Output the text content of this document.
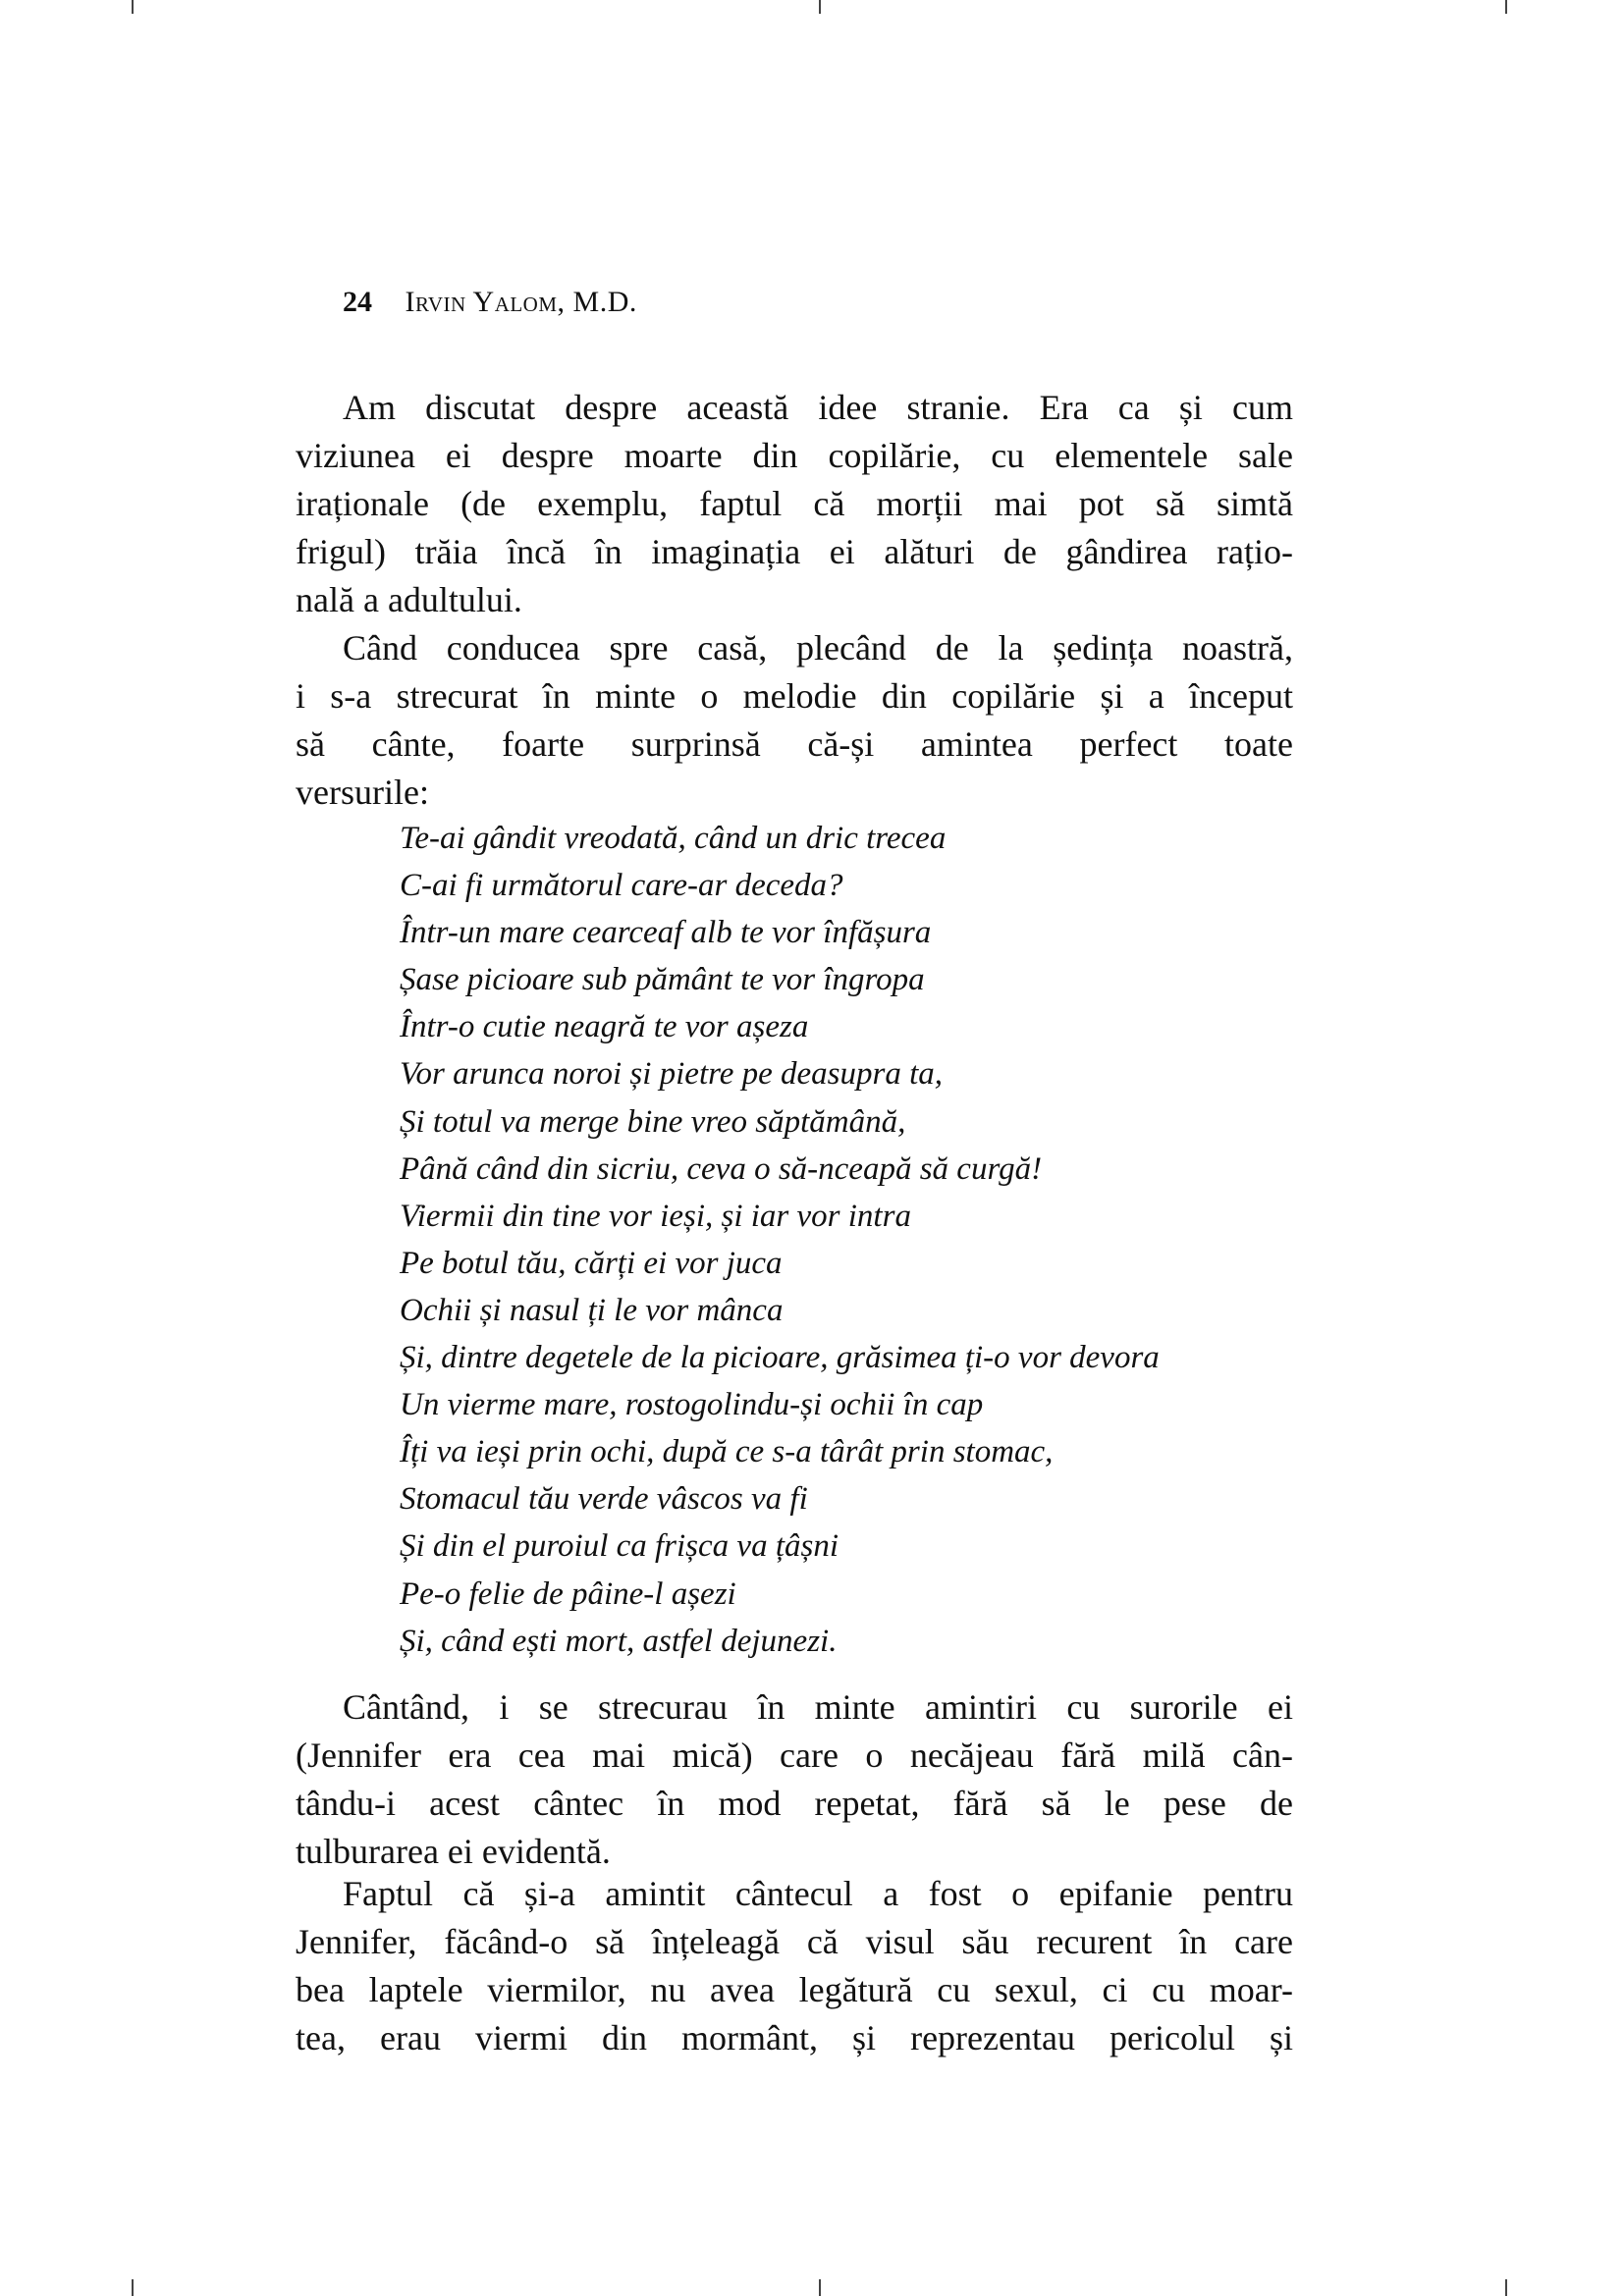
24 Irvin Yalom, M.D.
Am discutat despre această idee stranie. Era ca și cum
viziunea ei despre moarte din copilărie, cu elementele sale
iraționale (de exemplu, faptul că morții mai pot să simtă
frigul) trăia încă în imaginația ei alături de gândirea rațio-
nală a adultului.
Când conducea spre casă, plecând de la ședința noastră,
i s-a strecurat în minte o melodie din copilărie și a început
să cânte, foarte surprinsă că-și amintea perfect toate
versurile:
Te-ai gândit vreodată, când un dric trecea
C-ai fi următorul care-ar deceda?
Într-un mare cearceaf alb te vor înfășura
Șase picioare sub pământ te vor îngropa
Într-o cutie neagră te vor așeza
Vor arunca noroi și pietre pe deasupra ta,
Și totul va merge bine vreo săptămână,
Până când din sicriu, ceva o să-nceapă să curgă!
Viermii din tine vor ieși, și iar vor intra
Pe botul tău, cărți ei vor juca
Ochii și nasul ți le vor mânca
Și, dintre degetele de la picioare, grăsimea ți-o vor devora
Un vierme mare, rostogolindu-și ochii în cap
Îți va ieși prin ochi, după ce s-a târât prin stomac,
Stomacul tău verde vâscos va fi
Și din el puroiul ca frișca va țâșni
Pe-o felie de pâine-l așezi
Și, când ești mort, astfel dejunezi.
Cântând, i se strecurau în minte amintiri cu surorile ei
(Jennifer era cea mai mică) care o necăjeau fără milă cân-
tându-i acest cântec în mod repetat, fără să le pese de
tulburarea ei evidentă.
Faptul că și-a amintit cântecul a fost o epifanie pentru
Jennifer, făcând-o să înțeleagă că visul său recurent în care
bea laptele viermilor, nu avea legătură cu sexul, ci cu moar-
tea, erau viermi din mormânt, și reprezentau pericolul și
